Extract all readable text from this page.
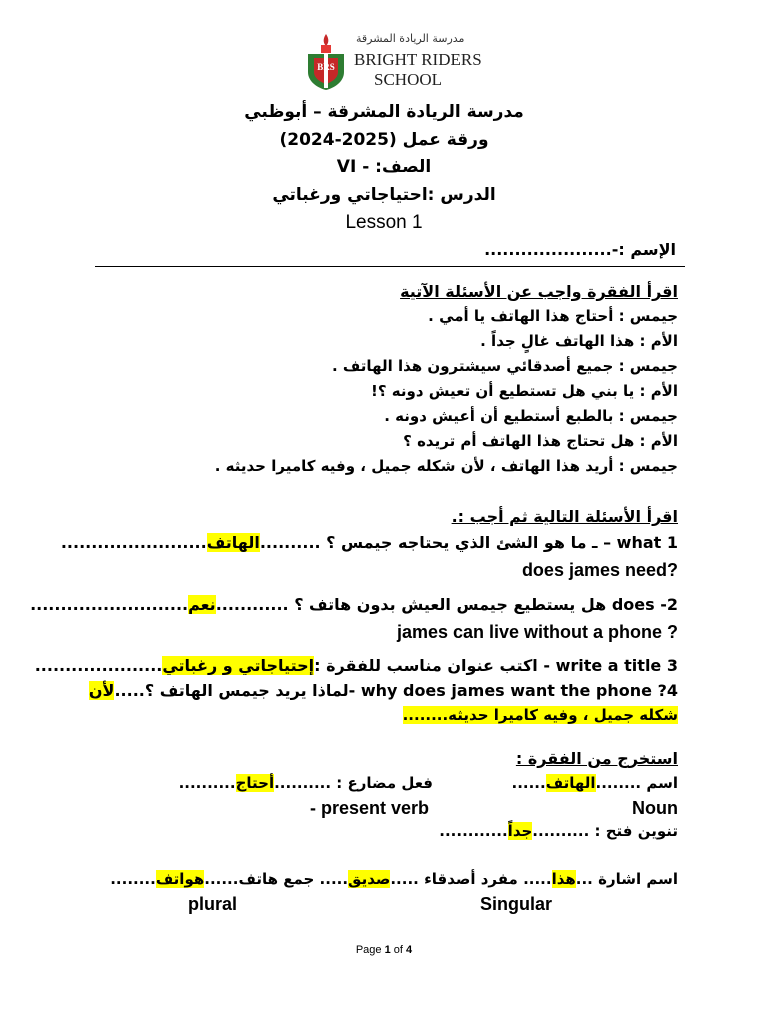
BRS
مدرسة الريادة المشرقة
BRIGHT RIDERS
SCHOOL
مدرسة الريادة المشرقة – أبوظبي
ورقة عمل (2025-2024)
الصف: - VI
الدرس :احتياجاتي ورغباتي
Lesson 1
الإسم :-.....................
اقرأ الفقرة واجب عن الأسئلة الآتية
جيمس : أحتاج هذا الهاتف يا أمي .
الأم : هذا الهاتف غالٍ جداً .
جيمس : جميع أصدقائي سيشترون هذا الهاتف .
الأم : يا بني هل تستطيع أن تعيش دونه ؟!
جيمس : بالطبع أستطيع أن أعيش دونه .
الأم : هل تحتاج هذا الهاتف أم تريده ؟
جيمس : أريد هذا الهاتف ، لأن شكله جميل ، وفيه كاميرا حديثه .
اقرأ الأسئلة التالية ثم أجب :.
1 what – ـ ما هو الشئ الذي يحتاجه جيمس ؟ ..........الهاتف........................
does james need?
2- does هل يستطيع جيمس العيش بدون هاتف ؟ ............نعم..........................
james can live without a phone ?
3 write a title - اكتب عنوان مناسب للفقرة :إحتياجاتي و رغباتي.....................
4? why does james want the phone -لماذا يريد جيمس الهاتف ؟.....لأن
شكله جميل ، وفيه كاميرا حديثه........
استخرج من الفقرة :
اسم ........الهاتف......
فعل مضارع : ..........أحتاج..........
Noun
- present verb
تنوين فتح : ..........جداً............
اسم اشارة ...هذا..... مفرد أصدقاء .....صديق..... جمع هاتف......هواتف........
plural	Singular
Page 1 of 4
